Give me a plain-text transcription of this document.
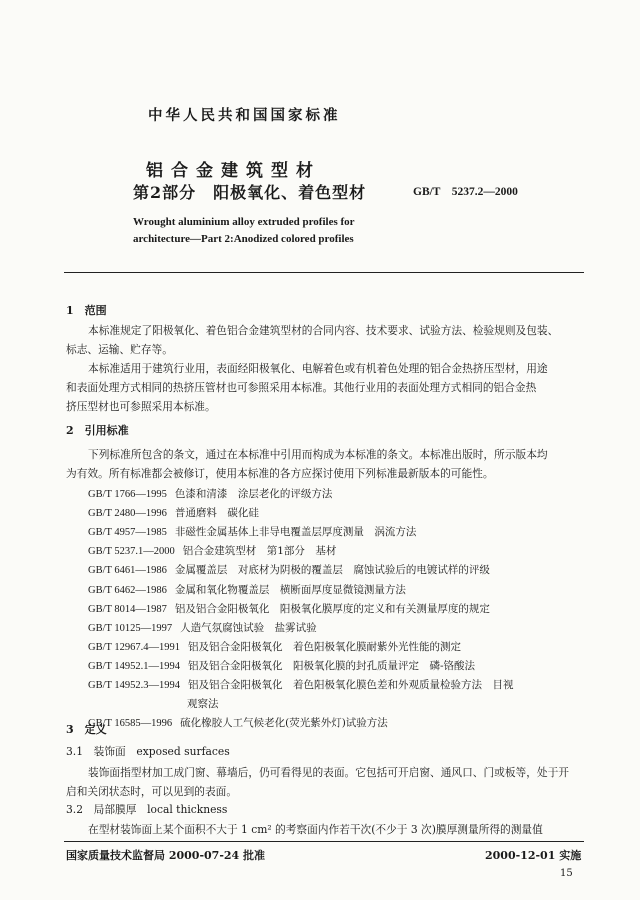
中华人民共和国国家标准
铝合金建筑型材
第2部分　阳极氧化、着色型材	GB/T　5237.2—2000
Wrought aluminium alloy extruded profiles for
architecture—Part 2:Anodized colored profiles
1　范围
本标准规定了阳极氧化、着色铝合金建筑型材的合同内容、技术要求、试验方法、检验规则及包装、
标志、运输、贮存等。
本标准适用于建筑行业用，表面经阳极氧化、电解着色或有机着色处理的铝合金热挤压型材，用途
和表面处理方式相同的热挤压管材也可参照采用本标准。其他行业用的表面处理方式相同的铝合金热
挤压型材也可参照采用本标准。
2　引用标准
下列标准所包含的条文，通过在本标准中引用而构成为本标准的条文。本标准出版时，所示版本均
为有效。所有标准都会被修订，使用本标准的各方应探讨使用下列标准最新版本的可能性。
GB/T 1766—1995 色漆和清漆　涂层老化的评级方法
GB/T 2480—1996 普通磨料　碳化硅
GB/T 4957—1985 非磁性金属基体上非导电覆盖层厚度测量　涡流方法
GB/T 5237.1—2000 铝合金建筑型材　第1部分　基材
GB/T 6461—1986 金属覆盖层　对底材为阴极的覆盖层　腐蚀试验后的电镀试样的评级
GB/T 6462—1986 金属和氧化物覆盖层　横断面厚度显微镜测量方法
GB/T 8014—1987 铝及铝合金阳极氧化　阳极氧化膜厚度的定义和有关测量厚度的规定
GB/T 10125—1997 人造气氛腐蚀试验　盐雾试验
GB/T 12967.4—1991 铝及铝合金阳极氧化　着色阳极氧化膜耐紫外光性能的测定
GB/T 14952.1—1994 铝及铝合金阳极氧化　阳极氧化膜的封孔质量评定　磷-铬酸法
GB/T 14952.3—1994 铝及铝合金阳极氧化　着色阳极氧化膜色差和外观质量检验方法　目视
观察法
GB/T 16585—1996 硫化橡胶人工气候老化(荧光紫外灯)试验方法
3　定义
3.1　装饰面　exposed surfaces
装饰面指型材加工成门窗、幕墙后，仍可看得见的表面。它包括可开启窗、通风口、门或板等，处于开
启和关闭状态时，可以见到的表面。
3.2　局部膜厚　local thickness
在型材装饰面上某个面积不大于 1 cm² 的考察面内作若干次(不少于 3 次)膜厚测量所得的测量值
国家质量技术监督局 2000-07-24 批准	2000-12-01 实施
15
